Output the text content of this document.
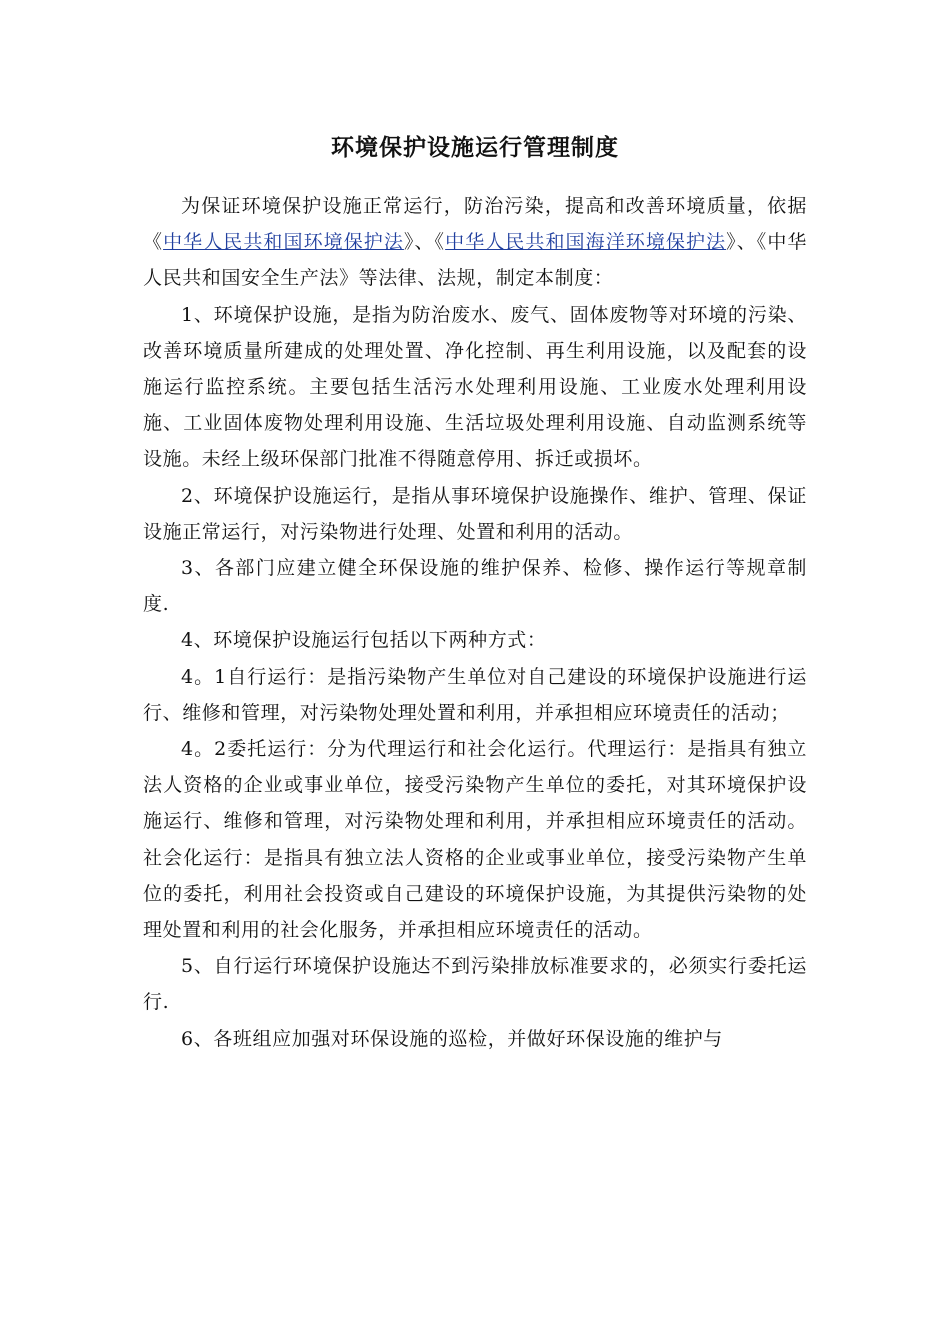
环境保护设施运行管理制度

为保证环境保护设施正常运行，防治污染，提高和改善环境质量，依据《中华人民共和国环境保护法》、《中华人民共和国海洋环境保护法》、《中华人民共和国安全生产法》等法律、法规，制定本制度：

1、环境保护设施，是指为防治废水、废气、固体废物等对环境的污染、改善环境质量所建成的处理处置、净化控制、再生利用设施，以及配套的设施运行监控系统。主要包括生活污水处理利用设施、工业废水处理利用设施、工业固体废物处理利用设施、生活垃圾处理利用设施、自动监测系统等设施。未经上级环保部门批准不得随意停用、拆迁或损坏。

2、环境保护设施运行，是指从事环境保护设施操作、维护、管理、保证设施正常运行，对污染物进行处理、处置和利用的活动。

3、各部门应建立健全环保设施的维护保养、检修、操作运行等规章制度.

4、环境保护设施运行包括以下两种方式：

4。1自行运行：是指污染物产生单位对自己建设的环境保护设施进行运行、维修和管理，对污染物处理处置和利用，并承担相应环境责任的活动；

4。2委托运行：分为代理运行和社会化运行。代理运行：是指具有独立法人资格的企业或事业单位，接受污染物产生单位的委托，对其环境保护设施运行、维修和管理，对污染物处理和利用，并承担相应环境责任的活动。社会化运行：是指具有独立法人资格的企业或事业单位，接受污染物产生单位的委托，利用社会投资或自己建设的环境保护设施，为其提供污染物的处理处置和利用的社会化服务，并承担相应环境责任的活动。

5、自行运行环境保护设施达不到污染排放标准要求的，必须实行委托运行.

6、各班组应加强对环保设施的巡检，并做好环保设施的维护与
